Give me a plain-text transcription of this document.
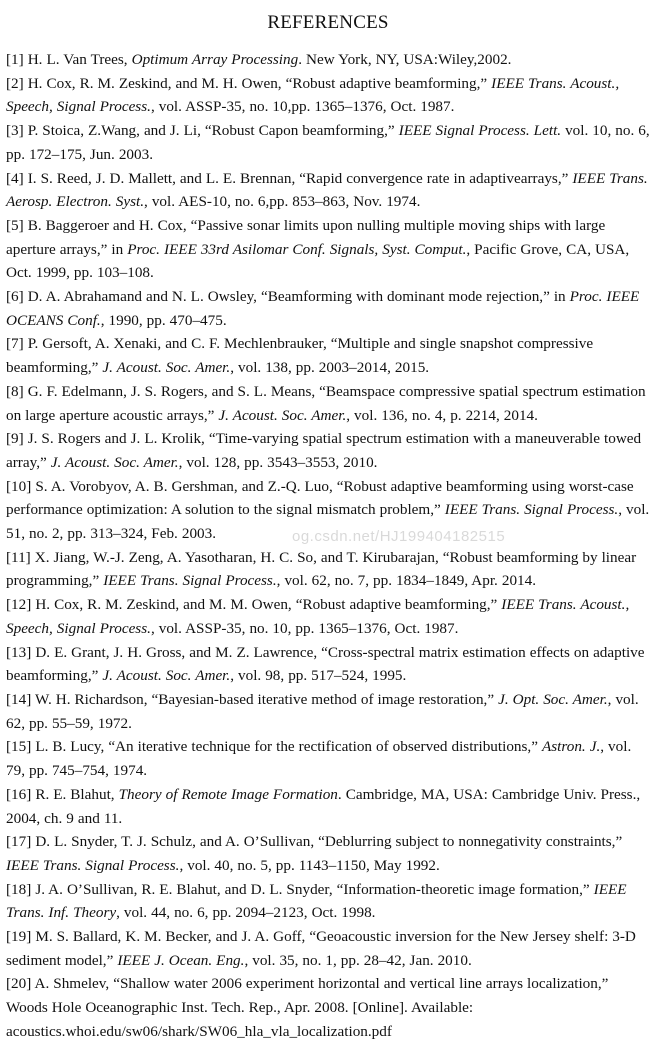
REFERENCES

[1] H. L. Van Trees, Optimum Array Processing. New York, NY, USA:Wiley,2002.

[2] H. Cox, R. M. Zeskind, and M. H. Owen, “Robust adaptive beamforming,” IEEE Trans. Acoust., Speech, Signal Process., vol. ASSP-35, no. 10,pp. 1365–1376, Oct. 1987.

[3] P. Stoica, Z.Wang, and J. Li, “Robust Capon beamforming,” IEEE Signal Process. Lett. vol. 10, no. 6, pp. 172–175, Jun. 2003.

[4] I. S. Reed, J. D. Mallett, and L. E. Brennan, “Rapid convergence rate in adaptivearrays,” IEEE Trans. Aerosp. Electron. Syst., vol. AES-10, no. 6,pp. 853–863, Nov. 1974.

[5] B. Baggeroer and H. Cox, “Passive sonar limits upon nulling multiple moving ships with large aperture arrays,” in Proc. IEEE 33rd Asilomar Conf. Signals, Syst. Comput., Pacific Grove, CA, USA, Oct. 1999, pp. 103–108.

[6] D. A. Abrahamand and N. L. Owsley, “Beamforming with dominant mode rejection,” in Proc. IEEE OCEANS Conf., 1990, pp. 470–475.

[7] P. Gersoft, A. Xenaki, and C. F. Mechlenbrauker, “Multiple and single snapshot compressive beamforming,” J. Acoust. Soc. Amer., vol. 138, pp. 2003–2014, 2015.

[8] G. F. Edelmann, J. S. Rogers, and S. L. Means, “Beamspace compressive spatial spectrum estimation on large aperture acoustic arrays,” J. Acoust. Soc. Amer., vol. 136, no. 4, p. 2214, 2014.

[9] J. S. Rogers and J. L. Krolik, “Time-varying spatial spectrum estimation with a maneuverable towed array,” J. Acoust. Soc. Amer., vol. 128, pp. 3543–3553, 2010.

[10] S. A. Vorobyov, A. B. Gershman, and Z.-Q. Luo, “Robust adaptive beamforming using worst-case performance optimization: A solution to the signal mismatch problem,” IEEE Trans. Signal Process., vol. 51, no. 2, pp. 313–324, Feb. 2003.

[11] X. Jiang, W.-J. Zeng, A. Yasotharan, H. C. So, and T. Kirubarajan, “Robust beamforming by linear programming,” IEEE Trans. Signal Process., vol. 62, no. 7, pp. 1834–1849, Apr. 2014.

[12] H. Cox, R. M. Zeskind, and M. M. Owen, “Robust adaptive beamforming,” IEEE Trans. Acoust., Speech, Signal Process., vol. ASSP-35, no. 10, pp. 1365–1376, Oct. 1987.

[13] D. E. Grant, J. H. Gross, and M. Z. Lawrence, “Cross-spectral matrix estimation effects on adaptive beamforming,” J. Acoust. Soc. Amer., vol. 98, pp. 517–524, 1995.

[14] W. H. Richardson, “Bayesian-based iterative method of image restoration,” J. Opt. Soc. Amer., vol. 62, pp. 55–59, 1972.

[15] L. B. Lucy, “An iterative technique for the rectification of observed distributions,” Astron. J., vol. 79, pp. 745–754, 1974.

[16] R. E. Blahut, Theory of Remote Image Formation. Cambridge, MA, USA: Cambridge Univ. Press., 2004, ch. 9 and 11.

[17] D. L. Snyder, T. J. Schulz, and A. O’Sullivan, “Deblurring subject to nonnegativity constraints,” IEEE Trans. Signal Process., vol. 40, no. 5, pp. 1143–1150, May 1992.

[18] J. A. O’Sullivan, R. E. Blahut, and D. L. Snyder, “Information-theoretic image formation,” IEEE Trans. Inf. Theory, vol. 44, no. 6, pp. 2094–2123, Oct. 1998.

[19] M. S. Ballard, K. M. Becker, and J. A. Goff, “Geoacoustic inversion for the New Jersey shelf: 3-D sediment model,” IEEE J. Ocean. Eng., vol. 35, no. 1, pp. 28–42, Jan. 2010.

[20] A. Shmelev, “Shallow water 2006 experiment horizontal and vertical line arrays localization,” Woods Hole Oceanographic Inst. Tech. Rep., Apr. 2008. [Online]. Available: acoustics.whoi.edu/sw06/shark/SW06_hla_vla_localization.pdf

og.csdn.net/HJ199404182515
